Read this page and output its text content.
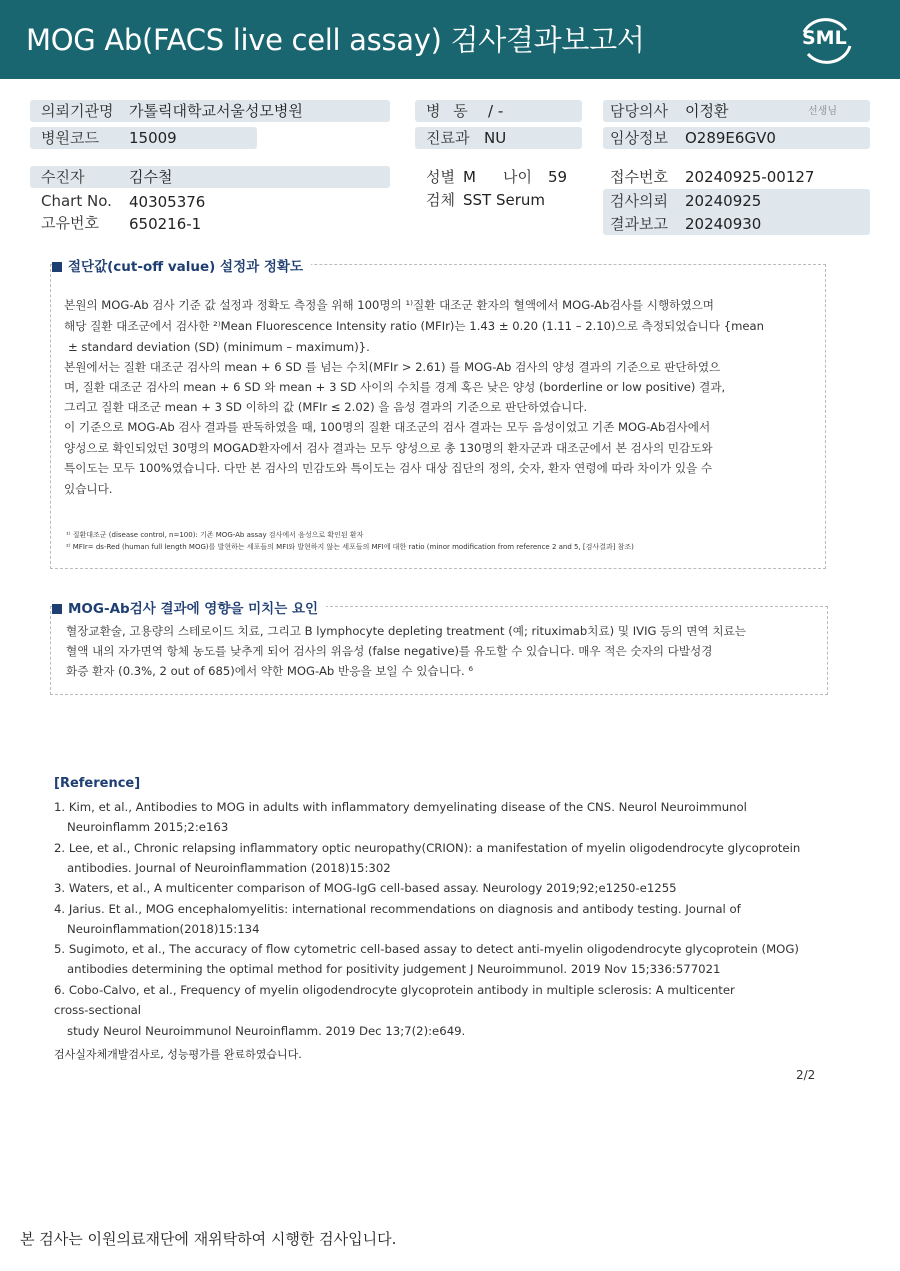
MOG Ab(FACS live cell assay) 검사결과보고서	SML
의뢰기관명 가톨릭대학교서울성모병원
병원코드 15009
수진자	김수철
Chart No. 40305376
고유번호 650216-1
병 동 / -
진료과 NU
성별 M 나이 59
검체 SST Serum
담당의사 이정환	선생님
임상정보 O289E6GV0
접수번호 20240925-00127
검사의뢰 20240925
결과보고 20240930
절단값(cut-off value) 설정과 정확도
본원의 MOG-Ab 검사 기준 값 설정과 정확도 측정을 위해 100명의 ¹⁾질환 대조군 환자의 혈액에서 MOG-Ab검사를 시행하였으며
해당 질환 대조군에서 검사한 ²⁾Mean Fluorescence Intensity ratio (MFIr)는 1.43 ± 0.20 (1.11 – 2.10)으로 측정되었습니다 {mean
± standard deviation (SD) (minimum – maximum)}.
본원에서는 질환 대조군 검사의 mean + 6 SD 를 넘는 수치(MFIr > 2.61) 를 MOG-Ab 검사의 양성 결과의 기준으로 판단하였으
며, 질환 대조군 검사의 mean + 6 SD 와 mean + 3 SD 사이의 수치를 경계 혹은 낮은 양성 (borderline or low positive) 결과,
그리고 질환 대조군 mean + 3 SD 이하의 값 (MFIr ≤ 2.02) 을 음성 결과의 기준으로 판단하였습니다.
이 기준으로 MOG-Ab 검사 결과를 판독하였을 때, 100명의 질환 대조군의 검사 결과는 모두 음성이었고 기존 MOG-Ab검사에서
양성으로 확인되었던 30명의 MOGAD환자에서 검사 결과는 모두 양성으로 총 130명의 환자군과 대조군에서 본 검사의 민감도와
특이도는 모두 100%였습니다. 다만 본 검사의 민감도와 특이도는 검사 대상 집단의 정의, 숫자, 환자 연령에 따라 차이가 있을 수
있습니다.
¹⁾ 질환대조군 (disease control, n=100): 기존 MOG-Ab assay 검사에서 음성으로 확인된 환자
²⁾ MFIr= ds-Red (human full length MOG)를 발현하는 세포들의 MFI와 발현하지 않는 세포들의 MFI에 대한 ratio (minor modification from reference 2 and 5, [검사결과] 참조)
MOG-Ab검사 결과에 영향을 미치는 요인
혈장교환술, 고용량의 스테로이드 치료, 그리고 B lymphocyte depleting treatment (예; rituximab치료) 및 IVIG 등의 면역 치료는
혈액 내의 자가면역 항체 농도를 낮추게 되어 검사의 위음성 (false negative)를 유도할 수 있습니다. 매우 적은 숫자의 다발성경
화증 환자 (0.3%, 2 out of 685)에서 약한 MOG-Ab 반응을 보일 수 있습니다. ⁶
[Reference]
1. Kim, et al., Antibodies to MOG in adults with inflammatory demyelinating disease of the CNS. Neurol Neuroimmunol
Neuroinflamm 2015;2:e163
2. Lee, et al., Chronic relapsing inflammatory optic neuropathy(CRION): a manifestation of myelin oligodendrocyte glycoprotein
antibodies. Journal of Neuroinflammation (2018)15:302
3. Waters, et al., A multicenter comparison of MOG-IgG cell-based assay. Neurology 2019;92;e1250-e1255
4. Jarius. Et al., MOG encephalomyelitis: international recommendations on diagnosis and antibody testing. Journal of
Neuroinflammation(2018)15:134
5. Sugimoto, et al., The accuracy of flow cytometric cell-based assay to detect anti-myelin oligodendrocyte glycoprotein (MOG)
antibodies determining the optimal method for positivity judgement J Neuroimmunol. 2019 Nov 15;336:577021
6. Cobo-Calvo, et al., Frequency of myelin oligodendrocyte glycoprotein antibody in multiple sclerosis: A multicenter
cross-sectional
study Neurol Neuroimmunol Neuroinflamm. 2019 Dec 13;7(2):e649.
검사실자체개발검사로, 성능평가를 완료하였습니다.
2/2
본 검사는 이원의료재단에 재위탁하여 시행한 검사입니다.
